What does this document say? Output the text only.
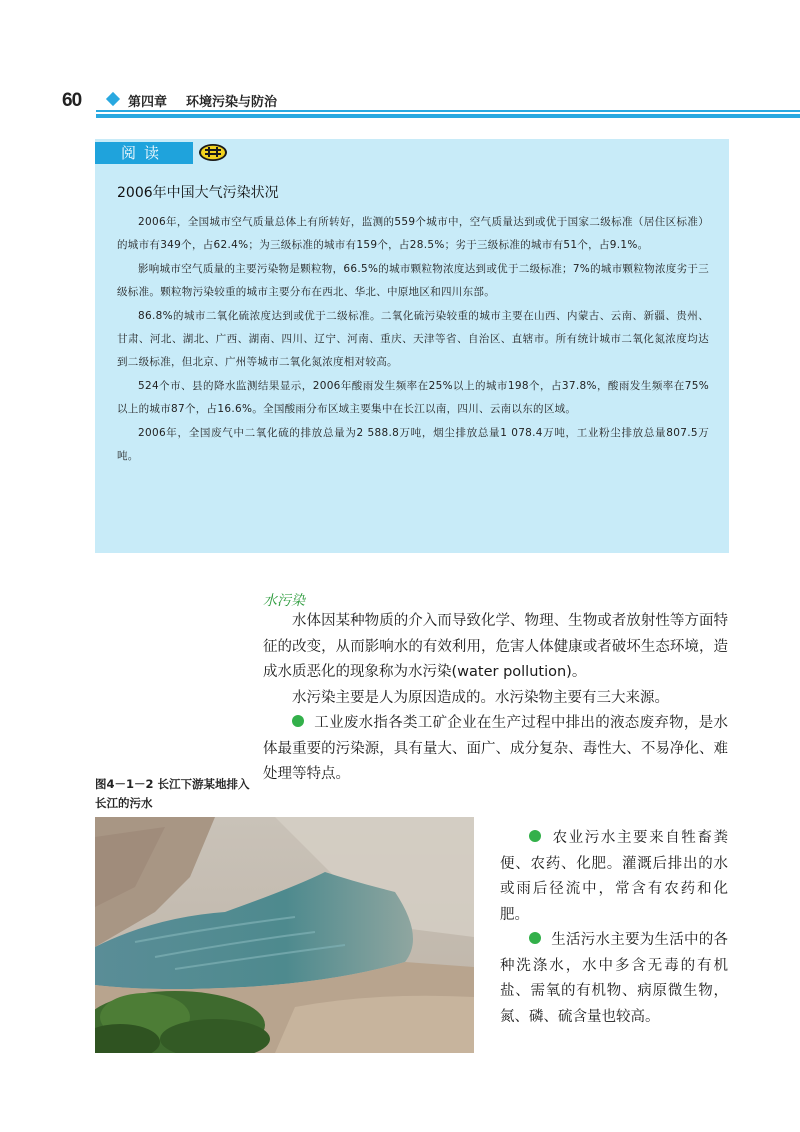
60	第四章 环境污染与防治
阅读
2006年中国大气污染状况

2006年，全国城市空气质量总体上有所转好，监测的559个城市中，空气质量达到或优于国家二级标准（居住区标准）的城市有349个，占62.4%；为三级标准的城市有159个，占28.5%；劣于三级标准的城市有51个，占9.1%。

影响城市空气质量的主要污染物是颗粒物，66.5%的城市颗粒物浓度达到或优于二级标准；7%的城市颗粒物浓度劣于三级标准。颗粒物污染较重的城市主要分布在西北、华北、中原地区和四川东部。

86.8%的城市二氧化硫浓度达到或优于二级标准。二氧化硫污染较重的城市主要在山西、内蒙古、云南、新疆、贵州、甘肃、河北、湖北、广西、湖南、四川、辽宁、河南、重庆、天津等省、自治区、直辖市。所有统计城市二氧化氮浓度均达到二级标准，但北京、广州等城市二氧化氮浓度相对较高。

524个市、县的降水监测结果显示，2006年酸雨发生频率在25%以上的城市198个，占37.8%，酸雨发生频率在75%以上的城市87个，占16.6%。全国酸雨分布区域主要集中在长江以南，四川、云南以东的区域。

2006年，全国废气中二氧化硫的排放总量为2 588.8万吨，烟尘排放总量1 078.4万吨，工业粉尘排放总量807.5万吨。

水污染

水体因某种物质的介入而导致化学、物理、生物或者放射性等方面特征的改变，从而影响水的有效利用，危害人体健康或者破坏生态环境，造成水质恶化的现象称为水污染(water pollution)。

水污染主要是人为原因造成的。水污染物主要有三大来源。

工业废水指各类工矿企业在生产过程中排出的液态废弃物，是水体最重要的污染源，具有量大、面广、成分复杂、毒性大、不易净化、难处理等特点。

图4－1－2 长江下游某地排入长江的污水

农业污水主要来自牲畜粪便、农药、化肥。灌溉后排出的水或雨后径流中，常含有农药和化肥。

生活污水主要为生活中的各种洗涤水，水中多含无毒的有机盐、需氧的有机物、病原微生物，氮、磷、硫含量也较高。
